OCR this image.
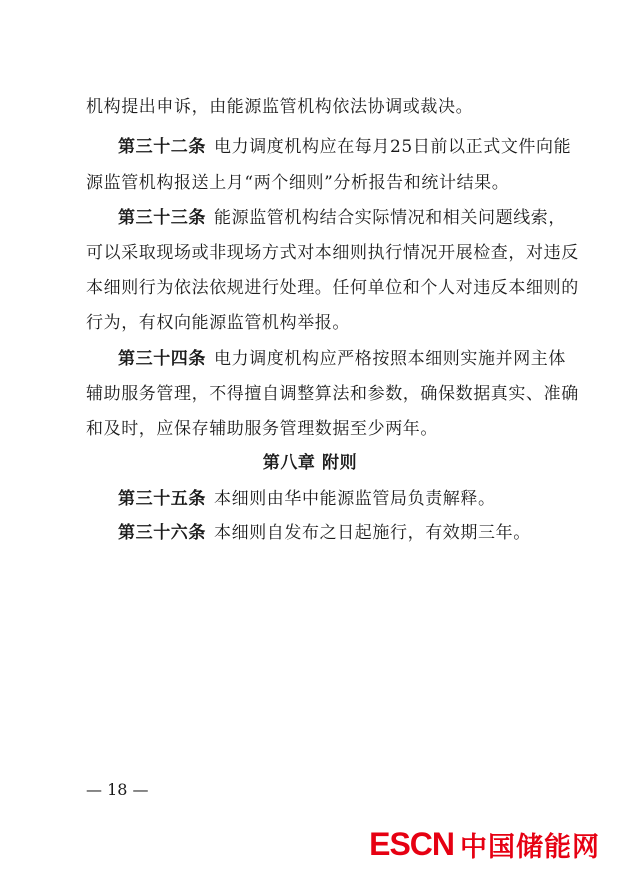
机构提出申诉，由能源监管机构依法协调或裁决。
第三十二条 电力调度机构应在每月25日前以正式文件向能
源监管机构报送上月“两个细则”分析报告和统计结果。
第三十三条 能源监管机构结合实际情况和相关问题线索，
可以采取现场或非现场方式对本细则执行情况开展检查，对违反
本细则行为依法依规进行处理。任何单位和个人对违反本细则的
行为，有权向能源监管机构举报。
第三十四条 电力调度机构应严格按照本细则实施并网主体
辅助服务管理，不得擅自调整算法和参数，确保数据真实、准确
和及时，应保存辅助服务管理数据至少两年。
第八章 附则
第三十五条 本细则由华中能源监管局负责解释。
第三十六条 本细则自发布之日起施行，有效期三年。
— 18 —
ESCN 中国储能网
